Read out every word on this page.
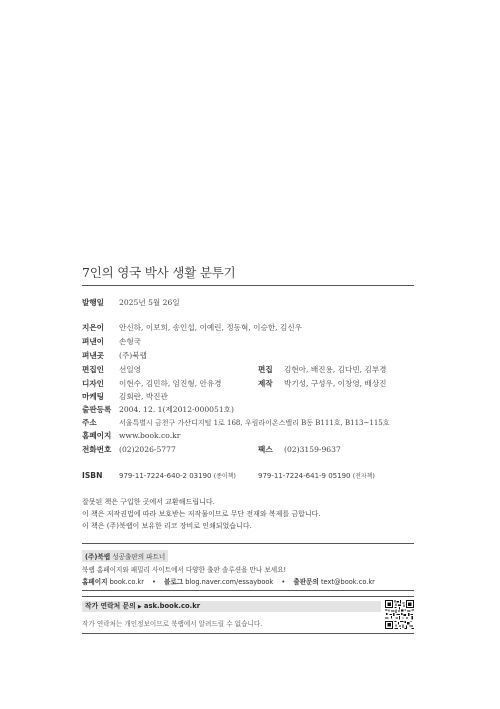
7인의 영국 박사 생활 분투기
발행일 2025년 5월 26일
지은이 안신하, 이보희, 송인섭, 이예린, 정동혁, 이승한, 김신우
펴낸이 손형국
펴낸곳 (주)북랩
편집인 선일영	편집 김현아, 배진용, 김다빈, 김부경
디자인 이현수, 김민하, 임진형, 안유경	제작 박기성, 구성우, 이창영, 배상진
마케팅 김회란, 박진관
출판등록 2004. 12. 1(제2012-000051호)
주소	서울특별시 금천구 가산디지털 1로 168, 우림라이온스밸리 B동 B111호, B113~115호
홈페이지 www.book.co.kr
전화번호 (02)2026-5777	팩스 (02)3159-9637
ISBN 979-11-7224-640-2 03190 (종이책)	979-11-7224-641-9 05190 (전자책)
잘못된 책은 구입한 곳에서 교환해드립니다.
이 책은 저작권법에 따라 보호받는 저작물이므로 무단 전재와 복제를 금합니다.
이 책은 (주)북랩이 보유한 리코 장비로 인쇄되었습니다.
(주)북랩 성공출판의 파트너
북랩 홈페이지와 패밀리 사이트에서 다양한 출판 솔루션을 만나 보세요!
홈페이지 book.co.kr • 블로그 blog.naver.com/essaybook • 출판문의 text@book.co.kr
작가 연락처 문의 ▶ ask.book.co.kr
작가 연락처는 개인정보이므로 북랩에서 알려드릴 수 없습니다.
